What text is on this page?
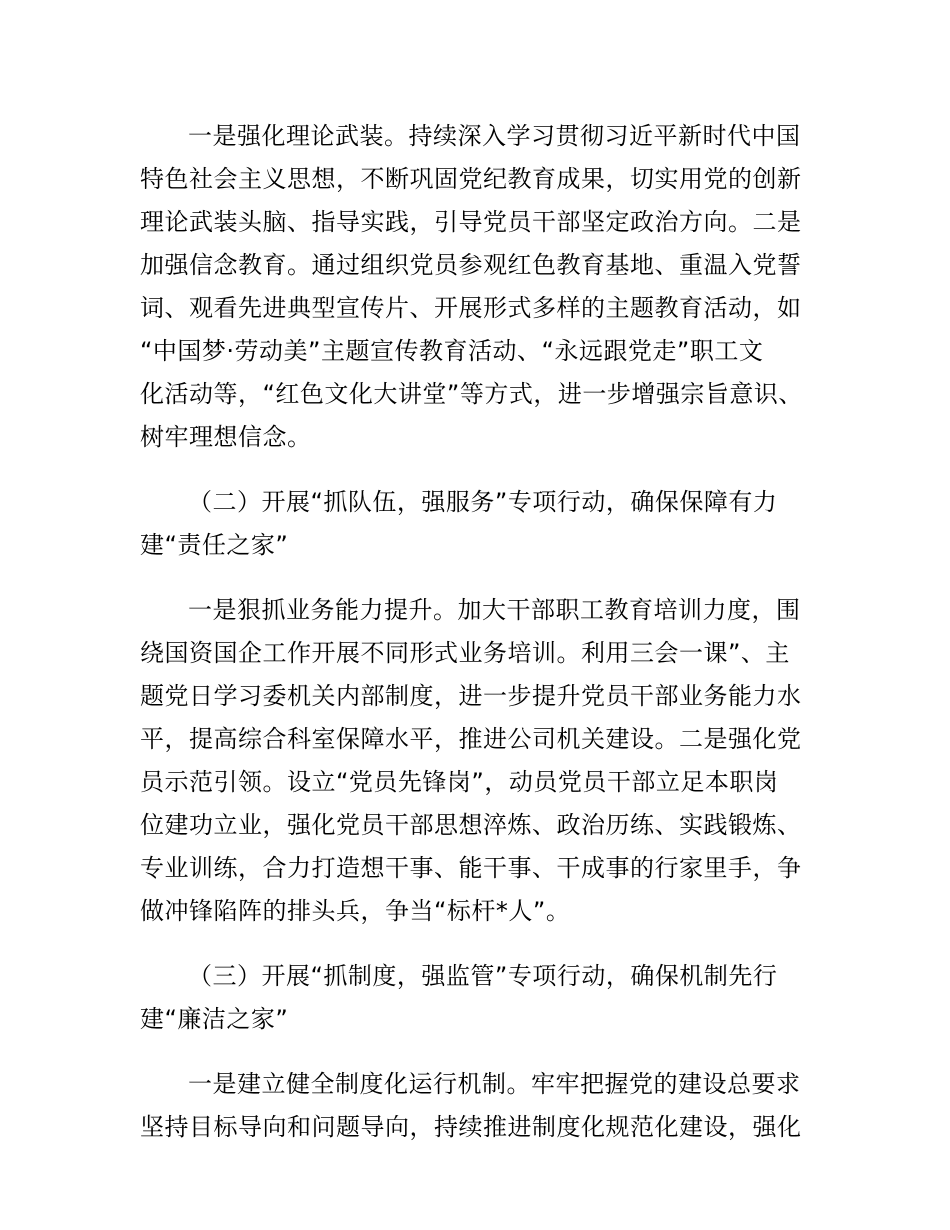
一是强化理论武装。持续深入学习贯彻习近平新时代中国
特色社会主义思想，不断巩固党纪教育成果，切实用党的创新
理论武装头脑、指导实践，引导党员干部坚定政治方向。二是
加强信念教育。通过组织党员参观红色教育基地、重温入党誓
词、观看先进典型宣传片、开展形式多样的主题教育活动，如
“中国梦·劳动美”主题宣传教育活动、“永远跟党走”职工文
化活动等，“红色文化大讲堂”等方式，进一步增强宗旨意识、
树牢理想信念。
（二）开展“抓队伍，强服务”专项行动，确保保障有力
建“责任之家”
一是狠抓业务能力提升。加大干部职工教育培训力度，围
绕国资国企工作开展不同形式业务培训。利用三会一课”、主
题党日学习委机关内部制度，进一步提升党员干部业务能力水
平，提高综合科室保障水平，推进公司机关建设。二是强化党
员示范引领。设立“党员先锋岗”，动员党员干部立足本职岗
位建功立业，强化党员干部思想淬炼、政治历练、实践锻炼、
专业训练，合力打造想干事、能干事、干成事的行家里手，争
做冲锋陷阵的排头兵，争当“标杆*人”。
（三）开展“抓制度，强监管”专项行动，确保机制先行
建“廉洁之家”
一是建立健全制度化运行机制。牢牢把握党的建设总要求
坚持目标导向和问题导向，持续推进制度化规范化建设，强化
